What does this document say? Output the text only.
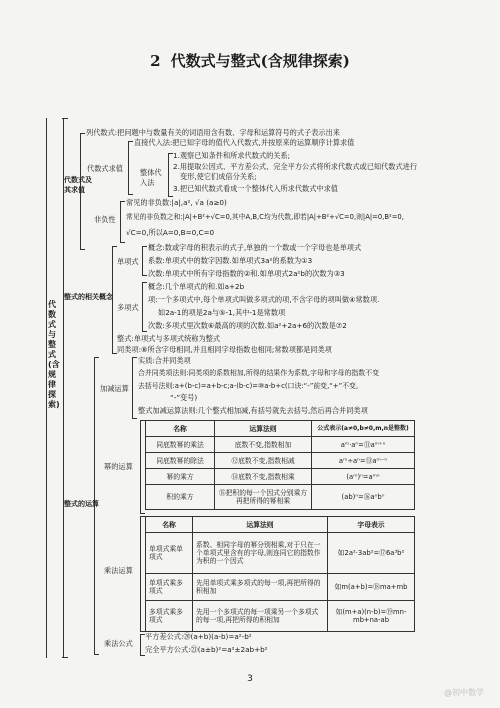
2 代数式与整式(含规律探索)
代数式与整式(含规律探索)
代数式及
其求值
列代数式:把问题中与数量有关的词语用含有数、字母和运算符号的式子表示出来
代数式求值
直接代入法:把已知字母的值代入代数式,并按原来的运算顺序计算求值
整体代
入法
1.观察已知条件和所求代数式的关系;
2.用提取公因式、平方差公式、完全平方公式将所求代数式或已知代数式进行
变形,使它们成倍分关系;
3.把已知代数式看成一个整体代入所求代数式中求值
非负性
常见的非负数:|a|,a², √a (a≥0)
常见的非负数之和:|A|+B²+√C=0,其中A,B,C均为代数,即若|A|+B²+√C=0,则|A|=0,B²=0,
√C=0,所以A=0,B=0,C=0
整式的相关概念
单项式
概念:数或字母的积表示的式子,单独的一个数或一个字母也是单项式
系数:单项式中的数字因数.如单项式3a²的系数为①3
次数:单项式中所有字母指数的②和.如单项式2a²b的次数为③3
多项式
概念:几个单项式的和.如a+2b
项:一个多项式中,每个单项式叫做多项式的项,不含字母的项叫做④常数项.
如2a-1的项是2a与⑤-1,其中-1是常数项
次数:多项式里次数⑥最高的项的次数.如a²+2a+6的次数是⑦2
整式:单项式与多项式统称为整式
同类项:⑧所含字母相同,并且相同字母指数也相同;常数项都是同类项
整式的运算
加减运算
实质:合并同类项
合并同类项法则:同类项的系数相加,所得的结果作为系数,字母和字母的指数不变
去括号法则:a+(b-c)=a+b-c;a-(b-c)=⑩a-b+c(口诀:“-”前变,“+”不变,
“-”变号)
整式加减运算法则:几个整式相加减,有括号就先去括号,然后再合并同类项
幂的运算
名称	运算法则	公式表示(a≠0,b≠0,m,n是整数)
同底数幂的乘法	底数不变,指数相加	aᵐ·aⁿ=⑪aᵐ⁺ⁿ
同底数幂的除法	⑫底数不变,指数相减	aᵐ÷aⁿ=⑬aᵐ⁻ⁿ
幂的乘方	⑭底数不变,指数相乘	(aᵐ)ⁿ=aᵐⁿ
积的乘方	⑮把积的每一个因式分别乘方再把所得的幂相乘	(ab)ⁿ=⑯aⁿbⁿ
乘法运算
名称	运算法则	字母表示
单项式乘单项式	系数、相同字母的幂分别相乘,对于只在一个单项式里含有的字母,则连同它的指数作为积的一个因式	如2a²·3ab²=⑰6a³b²
单项式乘多项式	先用单项式乘多项式的每一项,再把所得的积相加	如m(a+b)=⑱ma+mb
多项式乘多项式	先用一个多项式的每一项乘另一个多项式的每一项,再把所得的积相加	如(m+a)(n-b)=⑲mn-mb+na-ab
乘法公式
平方差公式:⑳(a+b)(a-b)=a²-b²
完全平方公式:㉑(a±b)²=a²±2ab+b²
3
@初中数学
